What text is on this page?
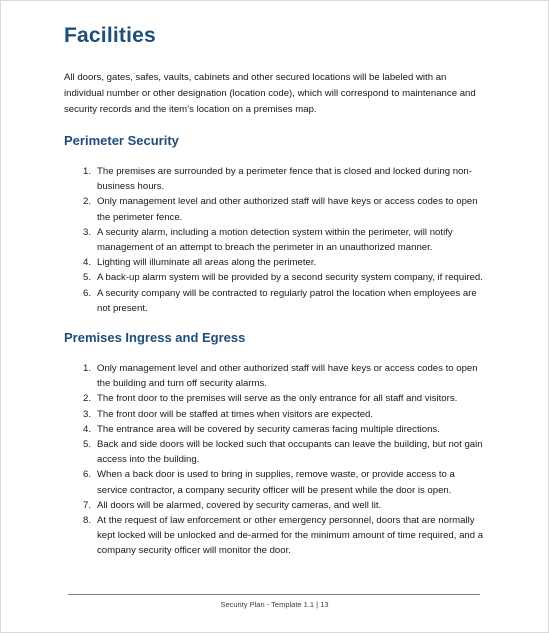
Facilities

All doors, gates, safes, vaults, cabinets and other secured locations will be labeled with an individual number or other designation (location code), which will correspond to maintenance and security records and the item’s location on a premises map.

Perimeter Security
1. The premises are surrounded by a perimeter fence that is closed and locked during non-business hours.
2. Only management level and other authorized staff will have keys or access codes to open the perimeter fence.
3. A security alarm, including a motion detection system within the perimeter, will notify management of an attempt to breach the perimeter in an unauthorized manner.
4. Lighting will illuminate all areas along the perimeter.
5. A back-up alarm system will be provided by a second security system company, if required.
6. A security company will be contracted to regularly patrol the location when employees are not present.
Premises Ingress and Egress
1. Only management level and other authorized staff will have keys or access codes to open the building and turn off security alarms.
2. The front door to the premises will serve as the only entrance for all staff and visitors.
3. The front door will be staffed at times when visitors are expected.
4. The entrance area will be covered by security cameras facing multiple directions.
5. Back and side doors will be locked such that occupants can leave the building, but not gain access into the building.
6. When a back door is used to bring in supplies, remove waste, or provide access to a service contractor, a company security officer will be present while the door is open.
7. All doors will be alarmed, covered by security cameras, and well lit.
8. At the request of law enforcement or other emergency personnel, doors that are normally kept locked will be unlocked and de-armed for the minimum amount of time required, and a company security officer will monitor the door.
Security Plan - Template 1.1 | 13
